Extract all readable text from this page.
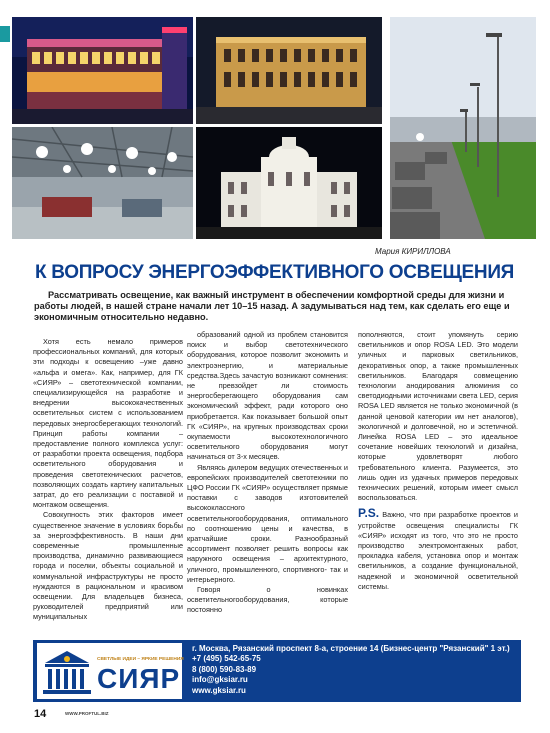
Мария КИРИЛЛОВА
К ВОПРОСУ ЭНЕРГОЭФФЕКТИВНОГО ОСВЕЩЕНИЯ
Рассматривать освещение, как важный инструмент в обеспечении комфортной среды для жизни и работы людей, в нашей стране начали лет 10–15 назад. А задумываться над тем, как сделать его еще и экономичным относительно недавно.

Хотя есть немало примеров профессиональных компаний, для которых эти подходы к освещению –уже давно «альфа и омега». Как, например, для ГК «СИЯР» – светотехнической компании, специализирующейся на разработке и внедрении высококачественных осветительных систем с использованием передовых энергосберегающих технологий. Принцип работы компании – предоставление полного комплекса услуг: от разработки проекта освещения, подбора осветительного оборудования и проведения светотехнических расчетов, позволяющих создать картину капитальных затрат, до его реализации с поставкой и монтажом освещения.

Совокупность этих факторов имеет существенное значение в условиях борьбы за энергоэффективность. В наши дни современные промышленные производства, динамично развивающиеся города и поселки, объекты социальной и коммунальной инфраструктуры не просто нуждаются в рациональном и красивом освещении. Для владельцев бизнеса, руководителей предприятий или муниципальных

образований одной из проблем становится поиск и выбор светотехнического оборудования, которое позволит экономить и электроэнергию, и материальные средства.Здесь зачастую возникают сомнения: не превзойдет ли стоимость энергосберегающего оборудования сам экономический эффект, ради которого оно приобретается. Как показывает большой опыт ГК «СИЯР», на крупных производствах сроки окупаемости высокотехнологичного осветительного оборудования могут начинаться от 3-х месяцев.

Являясь дилером ведущих отечественных и европейских производителей светотехники по ЦФО России ГК «СИЯР» осуществляет прямые поставки с заводов изготовителей высококлассного осветительногооборудования, оптимального по соотношению цены и качества, в кратчайшие сроки. Разнообразный ассортимент позволяет решить вопросы как наружного освещения – архитектурного, уличного, промышленного, спортивного- так и интерьерного.

Говоря о новинках осветительногооборудования, которые постоянно

пополняются, стоит упомянуть серию светильников и опор ROSA LED. Это модели уличных и парковых светильников, декоративных опор, а также промышленных светильников. Благодаря совмещению технологии анодирования алюминия со светодиодными источниками света LED, серия ROSA LED является не только экономичной (в данной ценовой категории им нет аналогов), экологичной и долговечной, но и эстетичной. Линейка ROSA LED – это идеальное сочетание новейших технологий и дизайна, которые удовлетворят любого требовательного клиента. Разумеется, это лишь один из удачных примеров передовых технических решений, которым имеет смысл воспользоваться.

P.S. Важно, что при разработке проектов и устройстве освещения специалисты ГК «СИЯР» исходят из того, что это не просто производство электромонтажных работ, прокладка кабеля, установка опор и монтаж светильников, а создание функциональной, надежной и экономичной осветительной системы.

СВЕТЛЫЕ ИДЕИ – ЯРКИЕ РЕШЕНИЯ
СИЯР
г. Москва, Рязанский проспект 8-а, строение 14 (Бизнес-центр "Рязанский" 1 эт.)
+7 (495) 542-65-75
8 (800) 590-83-89
info@gksiar.ru
www.gksiar.ru
14	WWW.PROFTUL.BIZ
